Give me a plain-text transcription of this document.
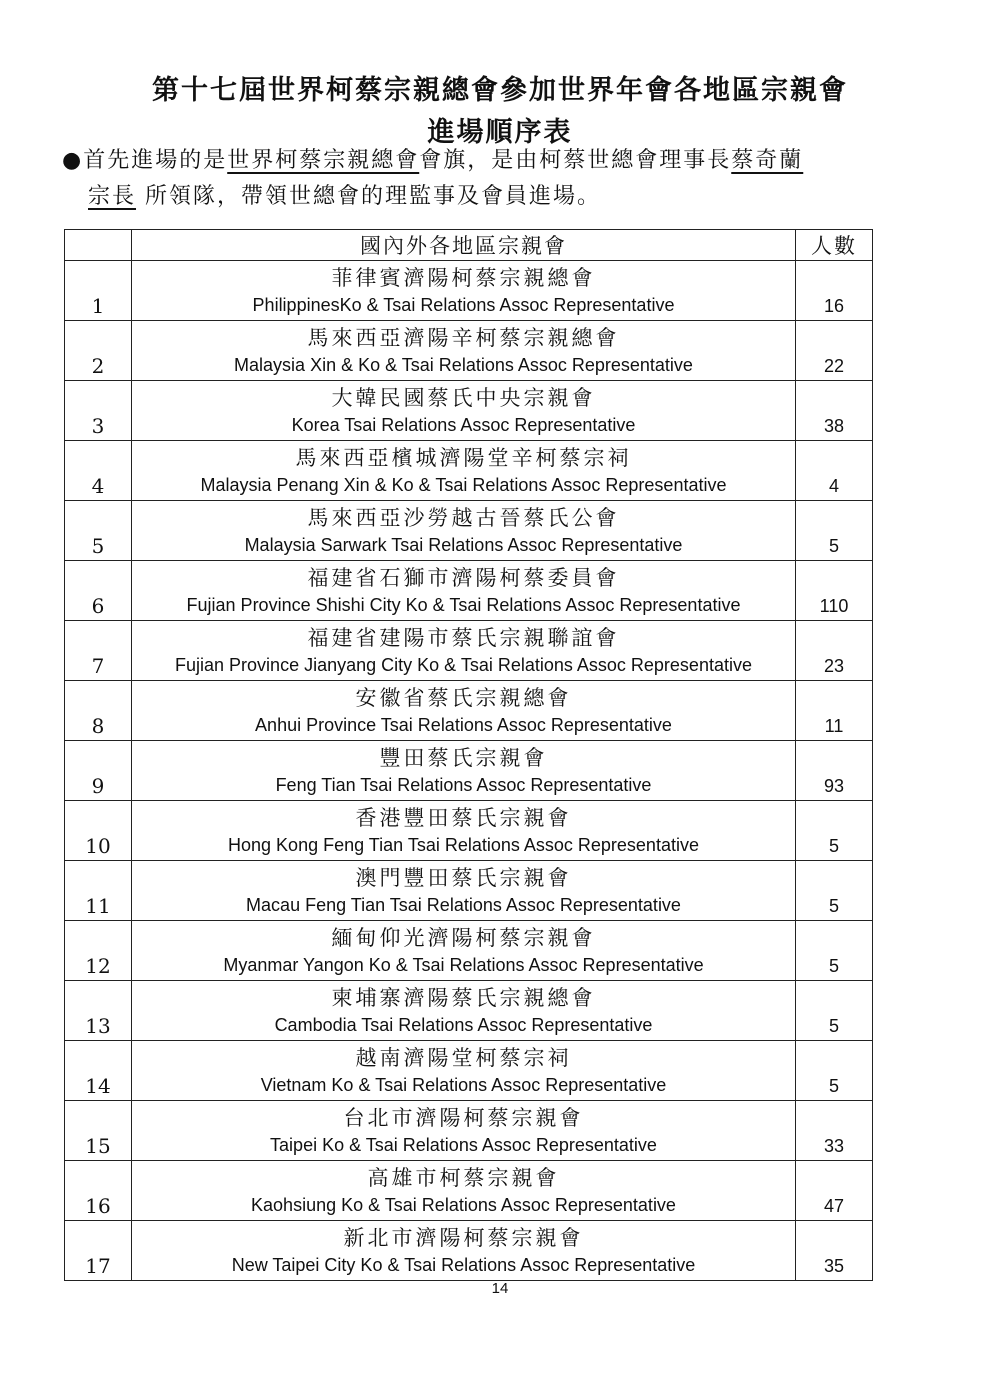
第十七屆世界柯蔡宗親總會參加世界年會各地區宗親會
進場順序表
●首先進場的是世界柯蔡宗親總會會旗，是由柯蔡世總會理事長蔡奇蘭
宗長 所領隊，帶領世總會的理監事及會員進場。
	國內外各地區宗親會	人數
1	菲律賓濟陽柯蔡宗親總會
PhilippinesKo & Tsai Relations Assoc Representative	16
2	馬來西亞濟陽辛柯蔡宗親總會
Malaysia Xin & Ko & Tsai Relations Assoc Representative	22
3	大韓民國蔡氏中央宗親會
Korea Tsai Relations Assoc Representative	38
4	馬來西亞檳城濟陽堂辛柯蔡宗祠
Malaysia Penang Xin & Ko & Tsai Relations Assoc Representative	4
5	馬來西亞沙勞越古晉蔡氏公會
Malaysia Sarwark Tsai Relations Assoc Representative	5
6	福建省石獅市濟陽柯蔡委員會
Fujian Province Shishi City Ko & Tsai Relations Assoc Representative	110
7	福建省建陽市蔡氏宗親聯誼會
Fujian Province Jianyang City Ko & Tsai Relations Assoc Representative	23
8	安徽省蔡氏宗親總會
Anhui Province Tsai Relations Assoc Representative	11
9	豐田蔡氏宗親會
Feng Tian Tsai Relations Assoc Representative	93
10	香港豐田蔡氏宗親會
Hong Kong Feng Tian Tsai Relations Assoc Representative	5
11	澳門豐田蔡氏宗親會
Macau Feng Tian Tsai Relations Assoc Representative	5
12	緬甸仰光濟陽柯蔡宗親會
Myanmar Yangon Ko & Tsai Relations Assoc Representative	5
13	柬埔寨濟陽蔡氏宗親總會
Cambodia Tsai Relations Assoc Representative	5
14	越南濟陽堂柯蔡宗祠
Vietnam Ko & Tsai Relations Assoc Representative	5
15	台北市濟陽柯蔡宗親會
Taipei Ko & Tsai Relations Assoc Representative	33
16	高雄市柯蔡宗親會
Kaohsiung Ko & Tsai Relations Assoc Representative	47
17	新北市濟陽柯蔡宗親會
New Taipei City Ko & Tsai Relations Assoc Representative	35
14
